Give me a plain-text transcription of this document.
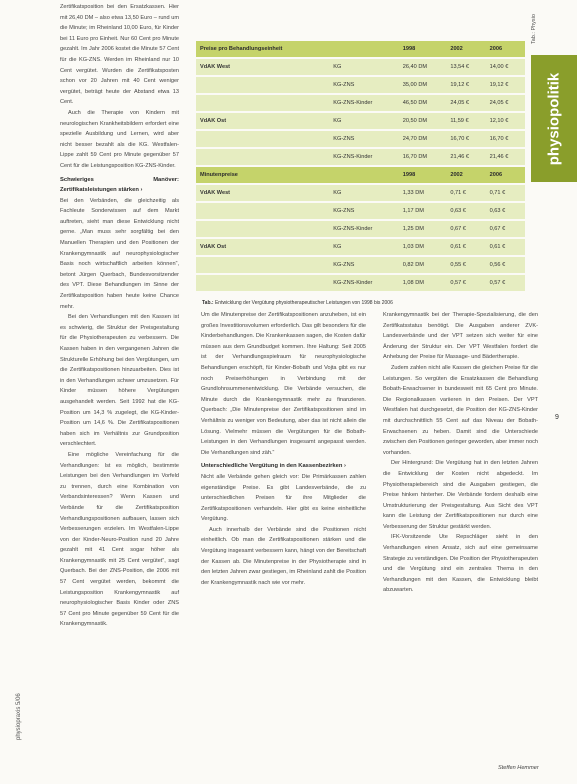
physiopolitik
physiopraxis 5/06
Tab.: Physio
9

Zertifikatsposition bei den Ersatzkassen. Hier mit 26,40 DM – also etwa 13,50 Euro – rund um die Minute; im Rheinland 10,00 Euro, für Kinder bei 11 Euro pro Einheit. Nur 60 Cent pro Minute gezahlt. Im Jahr 2006 kostet die Minute 57 Cent für die KG-ZNS. Werden im Rheinland nur 10 Cent vergütet. Wurden die Zertifikatsposten schon vor 20 Jahren mit 40 Cent weniger vergütet, beträgt heute der Abstand etwa 13 Cent.

Auch die Therapie von Kindern mit neurologischen Krankheitsbildern erfordert eine spezielle Ausbildung und Lernen, wird aber nicht besser bezahlt als die KG. Westfalen-Lippe zahlt 59 Cent pro Minute gegenüber 57 Cent für die Leistungsposition KG-ZNS-Kinder.

Schwieriges Manöver: Zertifikatsleistungen stärken ›

Bei den Verbänden, die gleichzeitig als Fachleute Sonderwissen auf dem Markt auftreten, sieht man diese Entwicklung nicht gerne. „Man muss sehr sorgfältig bei den Manuellen Therapien und den Positionen der Krankengymnastik auf neurophysiologischer Basis noch wirtschaftlich arbeiten können“, betont Jürgen Querbach, Bundesvorsitzender des VPT. Diese Behandlungen im Sinne der Zertifikatsposition haben heute keine Chance mehr.

Bei den Verhandlungen mit den Kassen ist es schwierig, die Struktur der Preisgestaltung für die Physiotherapeuten zu verbessern. Die Kassen haben in den vergangenen Jahren die Strukturelle Erhöhung bei den Vergütungen, um die Zertifikatspositionen hinzuarbeiten. Dies ist in den Verhandlungen schwer umzusetzen. Für Kinder müssen höhere Vergütungen ausgehandelt werden. Seit 1992 hat die KG-Position um 14,3 % zugelegt, die KG-Kinder-Position um 14,6 %. Die Zertifikatspositionen haben sich im Verhältnis zur Grundposition verschlechtert.

Eine mögliche Vereinfachung für die Verhandlungen: Ist es möglich, bestimmte Leistungen bei den Verhandlungen im Vorfeld zu trennen, durch eine Kombination von Verbandsinteressen? Wenn Kassen und Verbände für die Zertifikatsposition Verhandlungspositionen aufbauen, lassen sich Verbesserungen erzielen. Im Westfalen-Lippe von der Kinder-Neuro-Position rund 20 Jahre gezahlt mit 41 Cent sogar höher als Krankengymnastik mit 25 Cent vergütet“, sagt Querbach. Bei der ZNS-Position, die 2006 mit 57 Cent vergütet werden, bekommt die Leistungsposition Krankengymnastik auf neurophysiologischer Basis Kinder oder ZNS 57 Cent pro Minute gegenüber 59 Cent für die Krankengymnastik.

Preise pro Behandlungseinheit		1998	2002	2006
VdAK West	KG	26,40 DM	13,54 €	14,00 €
	KG-ZNS	35,00 DM	19,12 €	19,12 €
	KG-ZNS-Kinder	46,50 DM	24,05 €	24,05 €
VdAK Ost	KG	20,50 DM	11,59 €	12,10 €
	KG-ZNS	24,70 DM	16,70 €	16,70 €
	KG-ZNS-Kinder	16,70 DM	21,46 €	21,46 €
Minutenpreise		1998	2002	2006
VdAK West	KG	1,33 DM	0,71 €	0,71 €
	KG-ZNS	1,17 DM	0,63 €	0,63 €
	KG-ZNS-Kinder	1,25 DM	0,67 €	0,67 €
VdAK Ost	KG	1,03 DM	0,61 €	0,61 €
	KG-ZNS	0,82 DM	0,55 €	0,56 €
	KG-ZNS-Kinder	1,08 DM	0,57 €	0,57 €
Tab.: Entwicklung der Vergütung physiotherapeutischer Leistungen von 1998 bis 2006

Um die Minutenpreise der Zertifikatspositionen anzuheben, ist ein großes Investitionsvolumen erforderlich. Das gilt besonders für die Kinderbehandlungen. Die Krankenkassen sagen, die Kosten dafür müssen aus dem Grundbudget kommen. Ihre Haltung: Seit 2005 ist der Verhandlungsspielraum für neurophysiologische Behandlungen erschöpft, für Kinder-Bobath und Vojta gibt es nur noch Preiserhöhungen in Verbindung mit der Grundlohnsummenentwicklung. Die Verbände versuchen, die Minute durch die Krankengymnastik mehr zu finanzieren. Querbach: „Die Minutenpreise der Zertifikatspositionen sind im Verhältnis zu weniger von Bedeutung, aber das ist nicht allein die Lösung. Vielmehr müssen die Vergütungen für die Bobath-Leistungen in den Verhandlungen insgesamt angepasst werden. Die Verhandlungen sind zäh.“

Unterschiedliche Vergütung in den Kassenbezirken ›

Nicht alle Verbände gehen gleich vor: Die Primärkassen zahlen eigenständige Preise. Es gibt Landesverbände, die zu unterschiedlichen Preisen für ihre Mitglieder die Zertifikatspositionen verhandeln. Hier gibt es keine einheitliche Vergütung.

Auch innerhalb der Verbände sind die Positionen nicht einheitlich. Ob man die Zertifikatspositionen stärken und die Vergütung insgesamt verbessern kann, hängt von der Bereitschaft der Kassen ab. Die Minutenpreise in der Physiotherapie sind in den letzten Jahren zwar gestiegen, im Rheinland zahlt die Position der Krankengymnastik nach wie vor mehr.

Krankengymnastik bei der Therapie-Spezialisierung, die den Zertifikatsstatus benötigt. Die Ausgaben anderer ZVK-Landesverbände und der VPT setzen sich weiter für eine Änderung der Struktur ein. Der VPT Westfalen fordert die Anhebung der Preise für Massage- und Bädertherapie.

Zudem zahlen nicht alle Kassen die gleichen Preise für die Leistungen. So vergüten die Ersatzkassen die Behandlung Bobath-Erwachsener in bundesweit mit 65 Cent pro Minute. Die Regionalkassen variieren in den Preisen. Der VPT Westfalen hat durchgesetzt, die Position der KG-ZNS-Kinder mit durchschnittlich 55 Cent auf das Niveau der Bobath-Erwachsenen zu heben. Damit sind die Unterschiede zwischen den Positionen geringer geworden, aber immer noch vorhanden.

Der Hintergrund: Die Vergütung hat in den letzten Jahren die Entwicklung der Kosten nicht abgedeckt. Im Physiotherapiebereich sind die Ausgaben gestiegen, die Preise hinken hinterher. Die Verbände fordern deshalb eine Umstrukturierung der Preisgestaltung. Aus Sicht des VPT kann die Leistung der Zertifikatspositionen nur durch eine Verbesserung der Struktur gestärkt werden.

IFK-Vorsitzende Ute Repschläger sieht in den Verhandlungen einen Ansatz, sich auf eine gemeinsame Strategie zu verständigen. Die Position der Physiotherapeuten und die Vergütung sind ein zentrales Thema in den Verhandlungen mit den Kassen, die Entwicklung bleibt abzuwarten.

Steffen Hemmer
